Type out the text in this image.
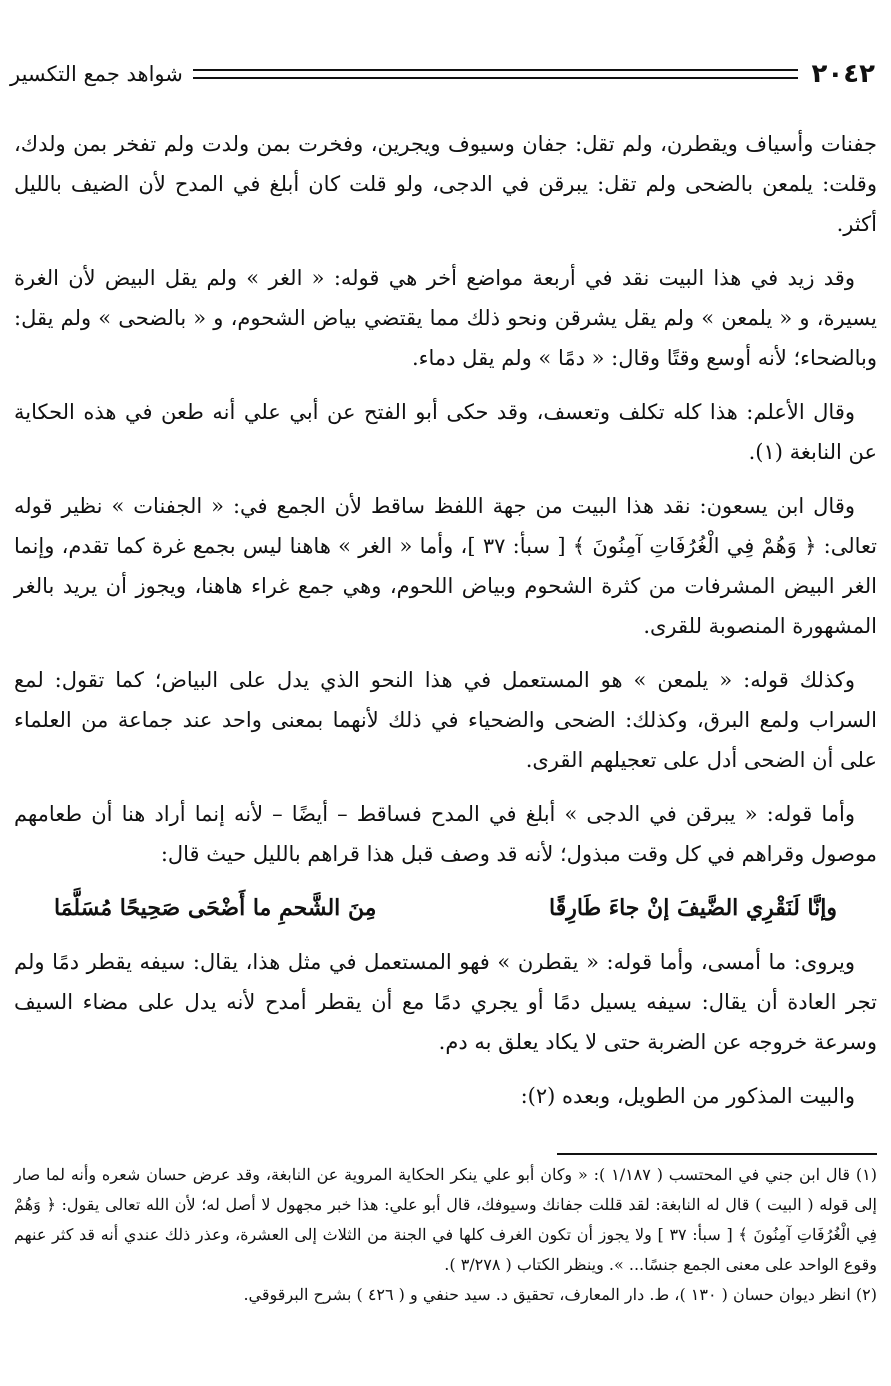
٢٠٤٢
شواهد جمع التكسير

جفنات وأسياف ويقطرن، ولم تقل: جفان وسيوف ويجرين، وفخرت بمن ولدت ولم تفخر بمن ولدك، وقلت: يلمعن بالضحى ولم تقل: يبرقن في الدجى، ولو قلت كان أبلغ في المدح لأن الضيف بالليل أكثر.

وقد زيد في هذا البيت نقد في أربعة مواضع أخر هي قوله: « الغر » ولم يقل البيض لأن الغرة يسيرة، و « يلمعن » ولم يقل يشرقن ونحو ذلك مما يقتضي بياض الشحوم، و « بالضحى » ولم يقل: وبالضحاء؛ لأنه أوسع وقتًا وقال: « دمًا » ولم يقل دماء.

وقال الأعلم: هذا كله تكلف وتعسف، وقد حكى أبو الفتح عن أبي علي أنه طعن في هذه الحكاية عن النابغة (١).

وقال ابن يسعون: نقد هذا البيت من جهة اللفظ ساقط لأن الجمع في: « الجفنات » نظير قوله تعالى: ﴿ وَهُمْ فِي الْغُرُفَاتِ آمِنُونَ ﴾ [ سبأ: ٣٧ ]، وأما « الغر » هاهنا ليس بجمع غرة كما تقدم، وإنما الغر البيض المشرفات من كثرة الشحوم وبياض اللحوم، وهي جمع غراء هاهنا، ويجوز أن يريد بالغر المشهورة المنصوبة للقرى.

وكذلك قوله: « يلمعن » هو المستعمل في هذا النحو الذي يدل على البياض؛ كما تقول: لمع السراب ولمع البرق، وكذلك: الضحى والضحياء في ذلك لأنهما بمعنى واحد عند جماعة من العلماء على أن الضحى أدل على تعجيلهم القرى.

وأما قوله: « يبرقن في الدجى » أبلغ في المدح فساقط – أيضًا – لأنه إنما أراد هنا أن طعامهم موصول وقراهم في كل وقت مبذول؛ لأنه قد وصف قبل هذا قراهم بالليل حيث قال:

وإنَّا لَنَقْرِي الضَّيفَ إنْ جاءَ طَارِقًا
مِنَ الشَّحمِ ما أَضْحَى صَحِيحًا مُسَلَّمَا

ويروى: ما أمسى، وأما قوله: « يقطرن » فهو المستعمل في مثل هذا، يقال: سيفه يقطر دمًا ولم تجر العادة أن يقال: سيفه يسيل دمًا أو يجري دمًا مع أن يقطر أمدح لأنه يدل على مضاء السيف وسرعة خروجه عن الضربة حتى لا يكاد يعلق به دم.

والبيت المذكور من الطويل، وبعده (٢):

(١) قال ابن جني في المحتسب ( ١/١٨٧ ): « وكان أبو علي ينكر الحكاية المروية عن النابغة، وقد عرض حسان شعره وأنه لما صار إلى قوله ( البيت ) قال له النابغة: لقد قللت جفانك وسيوفك، قال أبو علي: هذا خبر مجهول لا أصل له؛ لأن الله تعالى يقول: ﴿ وَهُمْ فِي الْغُرُفَاتِ آمِنُونَ ﴾ [ سبأ: ٣٧ ] ولا يجوز أن تكون الغرف كلها في الجنة من الثلاث إلى العشرة، وعذر ذلك عندي أنه قد كثر عنهم وقوع الواحد على معنى الجمع جنسًا... ». وينظر الكتاب ( ٣/٢٧٨ ).

(٢) انظر ديوان حسان ( ١٣٠ )، ط. دار المعارف، تحقيق د. سيد حنفي و ( ٤٢٦ ) بشرح البرقوقي.
